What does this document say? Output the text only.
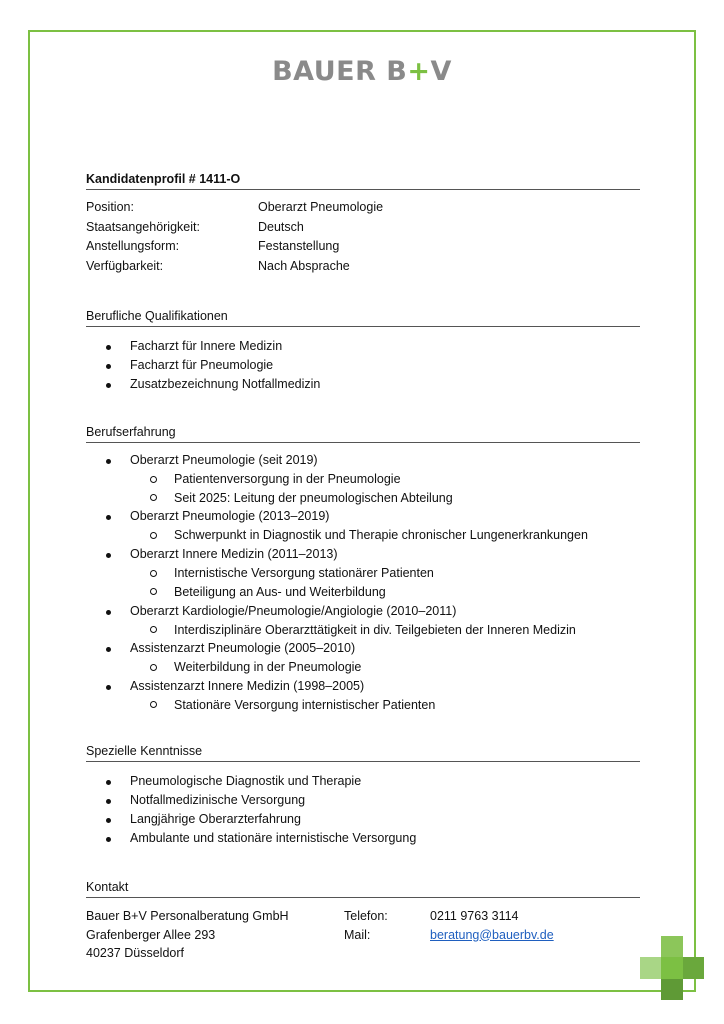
BAUER B+V
Kandidatenprofil # 1411-O
Position:	Oberarzt Pneumologie
Staatsangehörigkeit:	Deutsch
Anstellungsform:	Festanstellung
Verfügbarkeit:	Nach Absprache
Berufliche Qualifikationen
Facharzt für Innere Medizin
Facharzt für Pneumologie
Zusatzbezeichnung Notfallmedizin
Berufserfahrung
Oberarzt Pneumologie (seit 2019)
Patientenversorgung in der Pneumologie
Seit 2025: Leitung der pneumologischen Abteilung
Oberarzt Pneumologie (2013–2019)
Schwerpunkt in Diagnostik und Therapie chronischer Lungenerkrankungen
Oberarzt Innere Medizin (2011–2013)
Internistische Versorgung stationärer Patienten
Beteiligung an Aus- und Weiterbildung
Oberarzt Kardiologie/Pneumologie/Angiologie (2010–2011)
Interdisziplinäre Oberarzttätigkeit in div. Teilgebieten der Inneren Medizin
Assistenzarzt Pneumologie (2005–2010)
Weiterbildung in der Pneumologie
Assistenzarzt Innere Medizin (1998–2005)
Stationäre Versorgung internistischer Patienten
Spezielle Kenntnisse
Pneumologische Diagnostik und Therapie
Notfallmedizinische Versorgung
Langjährige Oberarzterfahrung
Ambulante und stationäre internistische Versorgung
Kontakt
Bauer B+V Personalberatung GmbH	Telefon:	0211 9763 3114
Grafenberger Allee 293	Mail:	beratung@bauerbv.de
40237 Düsseldorf
